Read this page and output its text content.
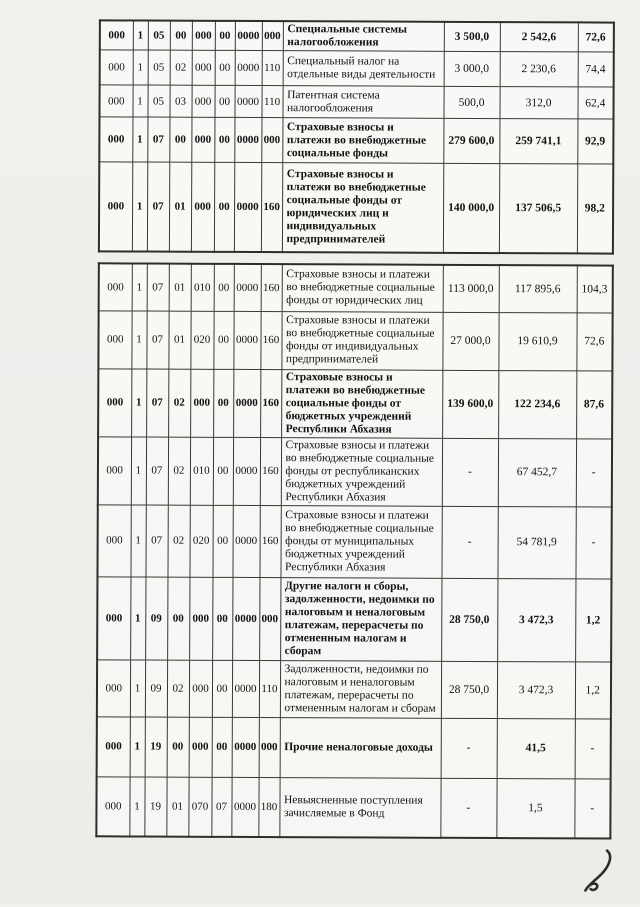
000	1	05	00	000	00	0000	000	Специальные системы налогообложения	3 500,0	2 542,6	72,6
000	1	05	02	000	00	0000	110	Специальный налог на отдельные виды деятельности	3 000,0	2 230,6	74,4
000	1	05	03	000	00	0000	110	Патентная система налогообложения	500,0	312,0	62,4
000	1	07	00	000	00	0000	000	Страховые взносы и платежи во внебюджетные социальные фонды	279 600,0	259 741,1	92,9
000	1	07	01	000	00	0000	160	Страховые взносы и платежи во внебюджетные социальные фонды от юридических лиц и индивидуальных предпринимателей	140 000,0	137 506,5	98,2
000	1	07	01	010	00	0000	160	Страховые взносы и платежи во внебюджетные социальные фонды от юридических лиц	113 000,0	117 895,6	104,3
000	1	07	01	020	00	0000	160	Страховые взносы и платежи во внебюджетные социальные фонды от индивидуальных предпринимателей	27 000,0	19 610,9	72,6
000	1	07	02	000	00	0000	160	Страховые взносы и платежи во внебюджетные социальные фонды от бюджетных учреждений Республики Абхазия	139 600,0	122 234,6	87,6
000	1	07	02	010	00	0000	160	Страховые взносы и платежи во внебюджетные социальные фонды от республиканских бюджетных учреждений Республики Абхазия	-	67 452,7	-
000	1	07	02	020	00	0000	160	Страховые взносы и платежи во внебюджетные социальные фонды от муниципальных бюджетных учреждений Республики Абхазия	-	54 781,9	-
000	1	09	00	000	00	0000	000	Другие налоги и сборы, задолженности, недоимки по налоговым и неналоговым платежам, перерасчеты по отмененным налогам и сборам	28 750,0	3 472,3	1,2
000	1	09	02	000	00	0000	110	Задолженности, недоимки по налоговым и неналоговым платежам, перерасчеты по отмененным налогам и сборам	28 750,0	3 472,3	1,2
000	1	19	00	000	00	0000	000	Прочие неналоговые доходы	-	41,5	-
000	1	19	01	070	07	0000	180	Невыясненные поступления зачисляемые в Фонд	-	1,5	-
